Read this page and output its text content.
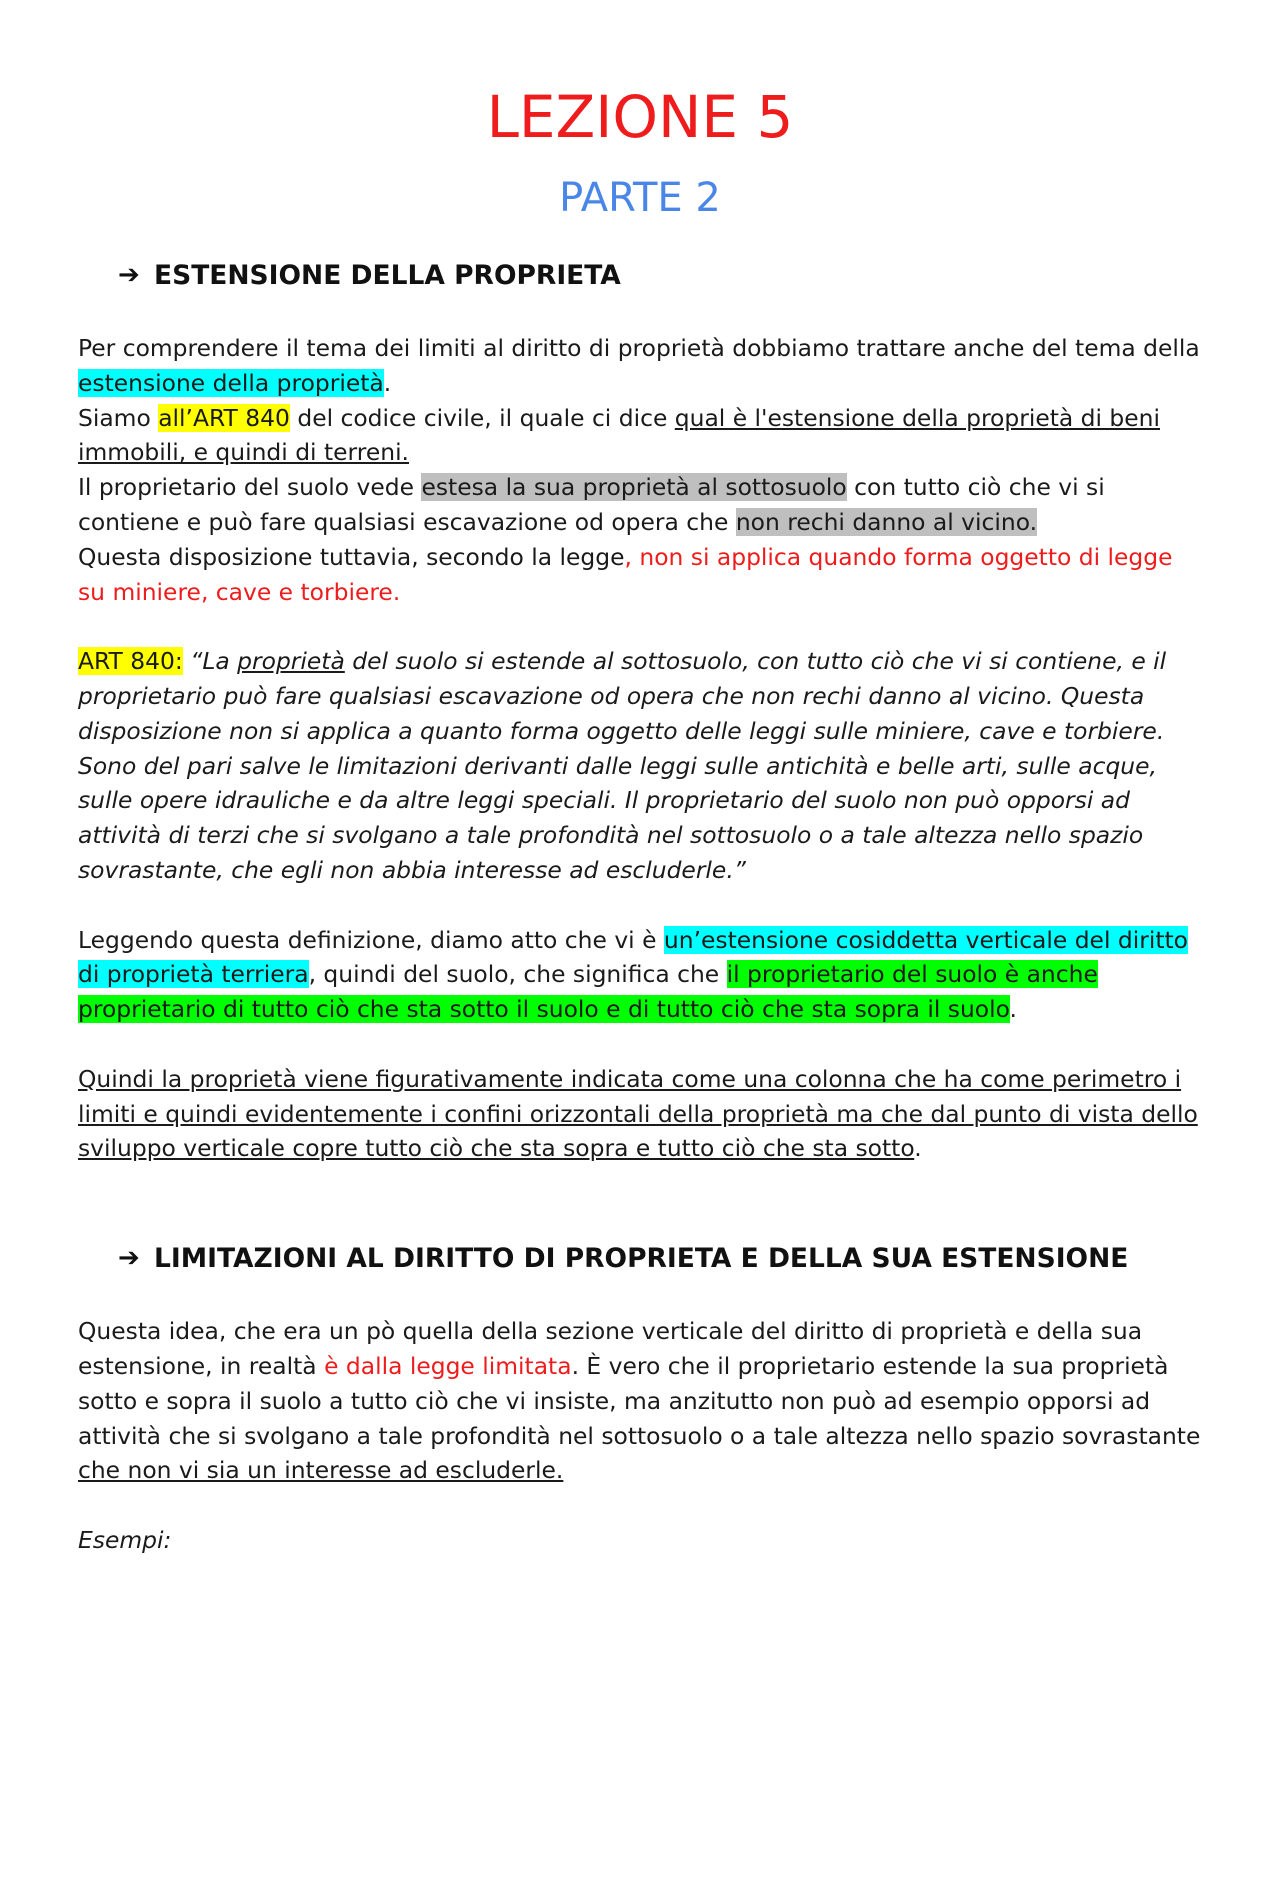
LEZIONE 5
PARTE 2
➔ ESTENSIONE DELLA PROPRIETA

Per comprendere il tema dei limiti al diritto di proprietà dobbiamo trattare anche del tema della estensione della proprietà.
Siamo all’ART 840 del codice civile, il quale ci dice qual è l'estensione della proprietà di beni immobili, e quindi di terreni.
Il proprietario del suolo vede estesa la sua proprietà al sottosuolo con tutto ciò che vi si contiene e può fare qualsiasi escavazione od opera che non rechi danno al vicino.
Questa disposizione tuttavia, secondo la legge, non si applica quando forma oggetto di legge su miniere, cave e torbiere.

ART 840: “La proprietà del suolo si estende al sottosuolo, con tutto ciò che vi si contiene, e il proprietario può fare qualsiasi escavazione od opera che non rechi danno al vicino. Questa disposizione non si applica a quanto forma oggetto delle leggi sulle miniere, cave e torbiere. Sono del pari salve le limitazioni derivanti dalle leggi sulle antichità e belle arti, sulle acque, sulle opere idrauliche e da altre leggi speciali. Il proprietario del suolo non può opporsi ad attività di terzi che si svolgano a tale profondità nel sottosuolo o a tale altezza nello spazio sovrastante, che egli non abbia interesse ad escluderle.”

Leggendo questa definizione, diamo atto che vi è un’estensione cosiddetta verticale del diritto di proprietà terriera, quindi del suolo, che significa che il proprietario del suolo è anche proprietario di tutto ciò che sta sotto il suolo e di tutto ciò che sta sopra il suolo.

Quindi la proprietà viene figurativamente indicata come una colonna che ha come perimetro i limiti e quindi evidentemente i confini orizzontali della proprietà ma che dal punto di vista dello sviluppo verticale copre tutto ciò che sta sopra e tutto ciò che sta sotto.

➔ LIMITAZIONI AL DIRITTO DI PROPRIETA E DELLA SUA ESTENSIONE

Questa idea, che era un pò quella della sezione verticale del diritto di proprietà e della sua estensione, in realtà è dalla legge limitata. È vero che il proprietario estende la sua proprietà sotto e sopra il suolo a tutto ciò che vi insiste, ma anzitutto non può ad esempio opporsi ad attività che si svolgano a tale profondità nel sottosuolo o a tale altezza nello spazio sovrastante che non vi sia un interesse ad escluderle.

Esempi:
